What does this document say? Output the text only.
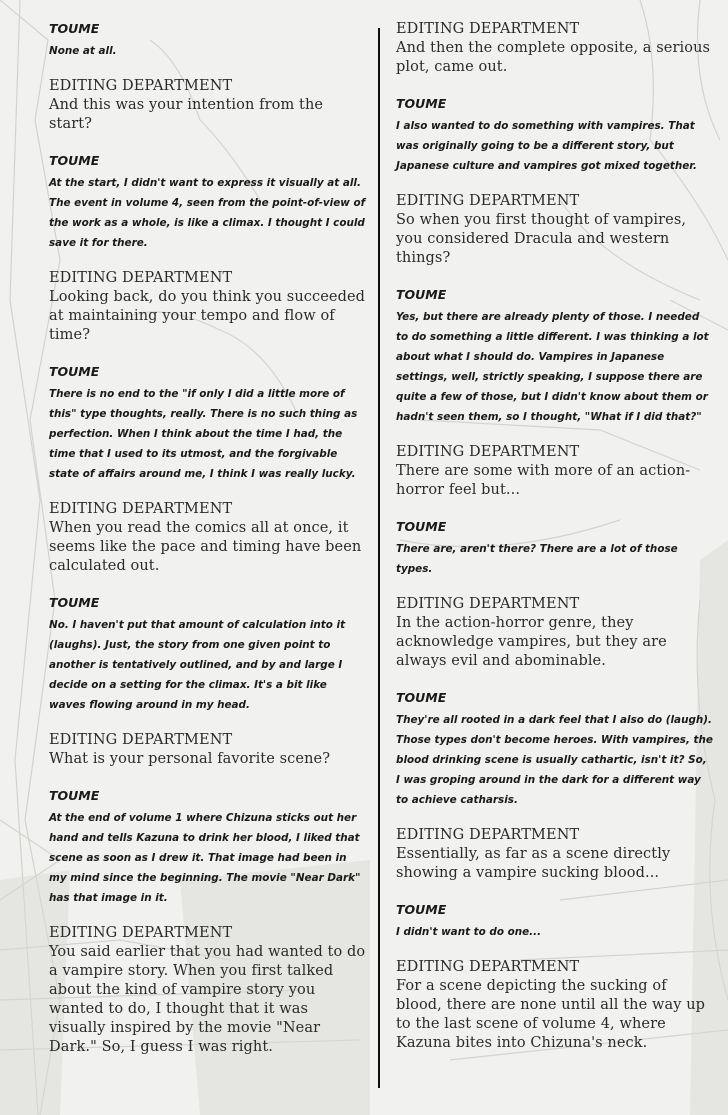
TOUME
None at all.
EDITING DEPARTMENT
And this was your intention from the start?
TOUME
At the start, I didn't want to express it visually at all. The event in volume 4, seen from the point-of-view of the work as a whole, is like a climax. I thought I could save it for there.
EDITING DEPARTMENT
Looking back, do you think you succeeded at maintaining your tempo and flow of time?
TOUME
There is no end to the "if only I did a little more of this" type thoughts, really. There is no such thing as perfection. When I think about the time I had, the time that I used to its utmost, and the forgivable state of affairs around me, I think I was really lucky.
EDITING DEPARTMENT
When you read the comics all at once, it seems like the pace and timing have been calculated out.
TOUME
No. I haven't put that amount of calculation into it (laughs). Just, the story from one given point to another is tentatively outlined, and by and large I decide on a setting for the climax. It's a bit like waves flowing around in my head.
EDITING DEPARTMENT
What is your personal favorite scene?
TOUME
At the end of volume 1 where Chizuna sticks out her hand and tells Kazuna to drink her blood, I liked that scene as soon as I drew it. That image had been in my mind since the beginning. The movie "Near Dark" has that image in it.
EDITING DEPARTMENT
You said earlier that you had wanted to do a vampire story. When you first talked about the kind of vampire story you wanted to do, I thought that it was visually inspired by the movie "Near Dark." So, I guess I was right.
EDITING DEPARTMENT
And then the complete opposite, a serious plot, came out.
TOUME
I also wanted to do something with vampires. That was originally going to be a different story, but Japanese culture and vampires got mixed together.
EDITING DEPARTMENT
So when you first thought of vampires, you considered Dracula and western things?
TOUME
Yes, but there are already plenty of those. I needed to do something a little different. I was thinking a lot about what I should do. Vampires in Japanese settings, well, strictly speaking, I suppose there are quite a few of those, but I didn't know about them or hadn't seen them, so I thought, "What if I did that?"
EDITING DEPARTMENT
There are some with more of an action-horror feel but...
TOUME
There are, aren't there? There are a lot of those types.
EDITING DEPARTMENT
In the action-horror genre, they acknowledge vampires, but they are always evil and abominable.
TOUME
They're all rooted in a dark feel that I also do (laugh). Those types don't become heroes. With vampires, the blood drinking scene is usually cathartic, isn't it? So, I was groping around in the dark for a different way to achieve catharsis.
EDITING DEPARTMENT
Essentially, as far as a scene directly showing a vampire sucking blood...
TOUME
I didn't want to do one...
EDITING DEPARTMENT
For a scene depicting the sucking of blood, there are none until all the way up to the last scene of volume 4, where Kazuna bites into Chizuna's neck.
